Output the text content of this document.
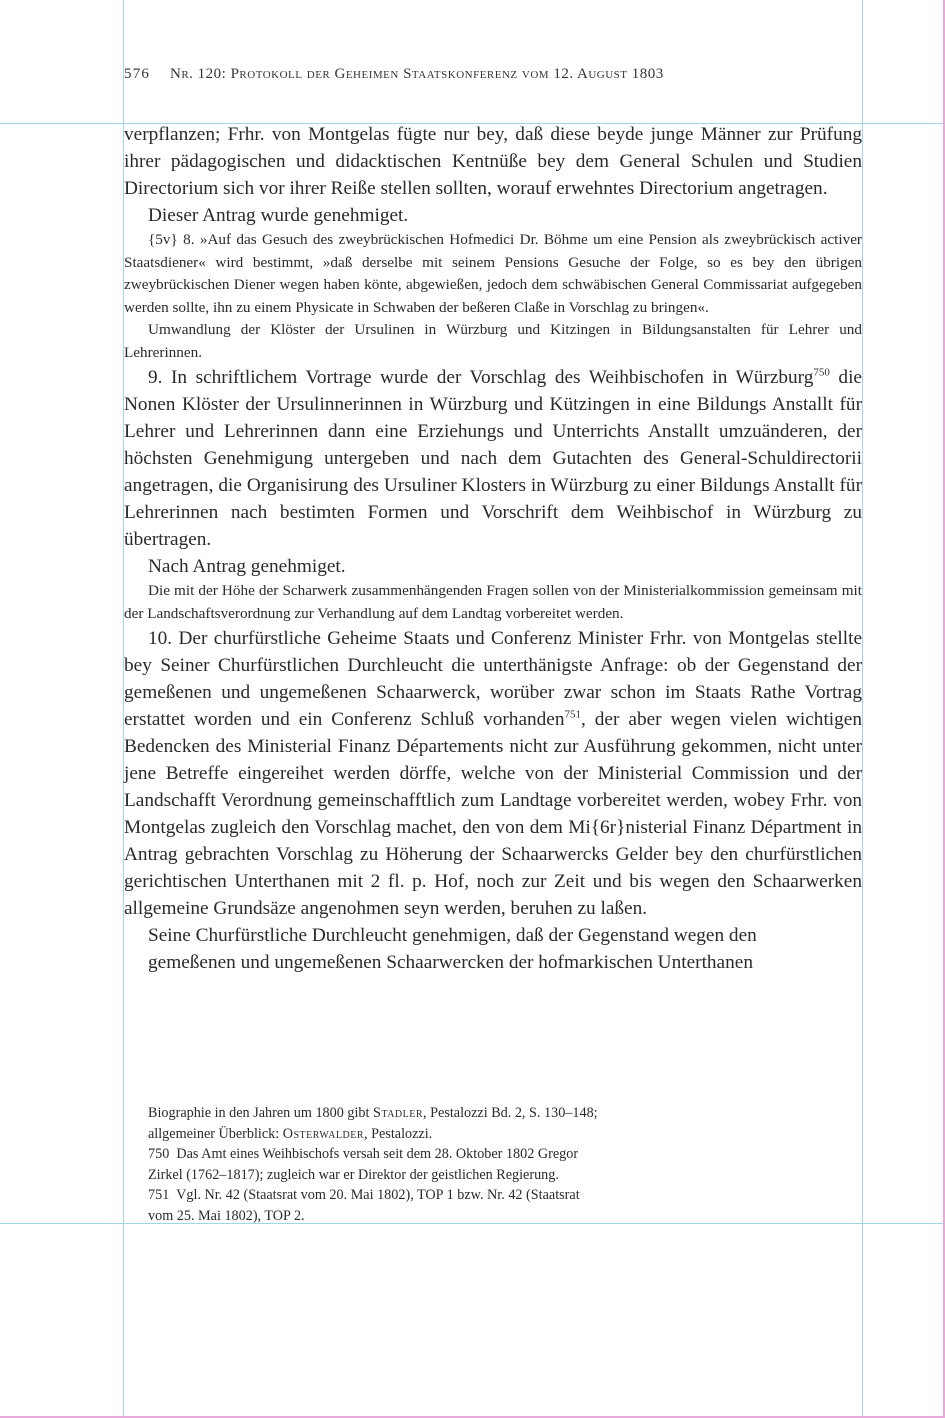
576 Nr. 120: Protokoll der Geheimen Staatskonferenz vom 12. August 1803

verpflanzen; Frhr. von Montgelas fügte nur bey, daß diese beyde junge Männer zur Prüfung ihrer pädagogischen und didacktischen Kentnüße bey dem General Schulen und Studien Directorium sich vor ihrer Reiße stellen sollten, worauf erwehntes Directorium angetragen.

Dieser Antrag wurde genehmiget.

{5v} 8. »Auf das Gesuch des zweybrückischen Hofmedici Dr. Böhme um eine Pension als zweybrückisch activer Staatsdiener« wird bestimmt, »daß derselbe mit seinem Pensions Gesuche der Folge, so es bey den übrigen zweybrückischen Diener wegen haben könte, abgewießen, jedoch dem schwäbischen General Commissariat aufgegeben werden sollte, ihn zu einem Physicate in Schwaben der beßeren Claße in Vorschlag zu bringen«.

Umwandlung der Klöster der Ursulinen in Würzburg und Kitzingen in Bildungsanstalten für Lehrer und Lehrerinnen.

9. In schriftlichem Vortrage wurde der Vorschlag des Weihbischofen in Würzburg$^{750}$ die Nonen Klöster der Ursulinnerinnen in Würzburg und Kützingen in eine Bildungs Anstallt für Lehrer und Lehrerinnen dann eine Erziehungs und Unterrichts Anstallt umzuänderen, der höchsten Genehmigung untergeben und nach dem Gutachten des General-Schuldirectorii angetragen, die Organisirung des Ursuliner Klosters in Würzburg zu einer Bildungs Anstallt für Lehrerinnen nach bestimten Formen und Vorschrift dem Weihbischof in Würzburg zu übertragen.

Nach Antrag genehmiget.

Die mit der Höhe der Scharwerk zusammenhängenden Fragen sollen von der Ministerialkommission gemeinsam mit der Landschaftsverordnung zur Verhandlung auf dem Landtag vorbereitet werden.

10. Der churfürstliche Geheime Staats und Conferenz Minister Frhr. von Montgelas stellte bey Seiner Churfürstlichen Durchleucht die unterthänigste Anfrage: ob der Gegenstand der gemeßenen und ungemeßenen Schaarwerck, worüber zwar schon im Staats Rathe Vortrag erstattet worden und ein Conferenz Schluß vorhanden$^{751}$, der aber wegen vielen wichtigen Bedencken des Ministerial Finanz Départements nicht zur Ausführung gekommen, nicht unter jene Betreffe eingereihet werden dörffe, welche von der Ministerial Commission und der Landschafft Verordnung gemeinschafftlich zum Landtage vorbereitet werden, wobey Frhr. von Montgelas zugleich den Vorschlag machet, den von dem Mi{6r}nisterial Finanz Départment in Antrag gebrachten Vorschlag zu Höherung der Schaarwercks Gelder bey den churfürstlichen gerichtischen Unterthanen mit 2 fl. p. Hof, noch zur Zeit und bis wegen den Schaarwerken allgemeine Grundsäze angenohmen seyn werden, beruhen zu laßen.

Seine Churfürstliche Durchleucht genehmigen, daß der Gegenstand wegen den

gemeßenen und ungemeßenen Schaarwercken der hofmarkischen Unterthanen

Biographie in den Jahren um 1800 gibt Stadler, Pestalozzi Bd. 2, S. 130–148;

allgemeiner Überblick: Osterwalder, Pestalozzi.

750 Das Amt eines Weihbischofs versah seit dem 28. Oktober 1802 Gregor

Zirkel (1762–1817); zugleich war er Direktor der geistlichen Regierung.

751 Vgl. Nr. 42 (Staatsrat vom 20. Mai 1802), TOP 1 bzw. Nr. 42 (Staatsrat

vom 25. Mai 1802), TOP 2.
